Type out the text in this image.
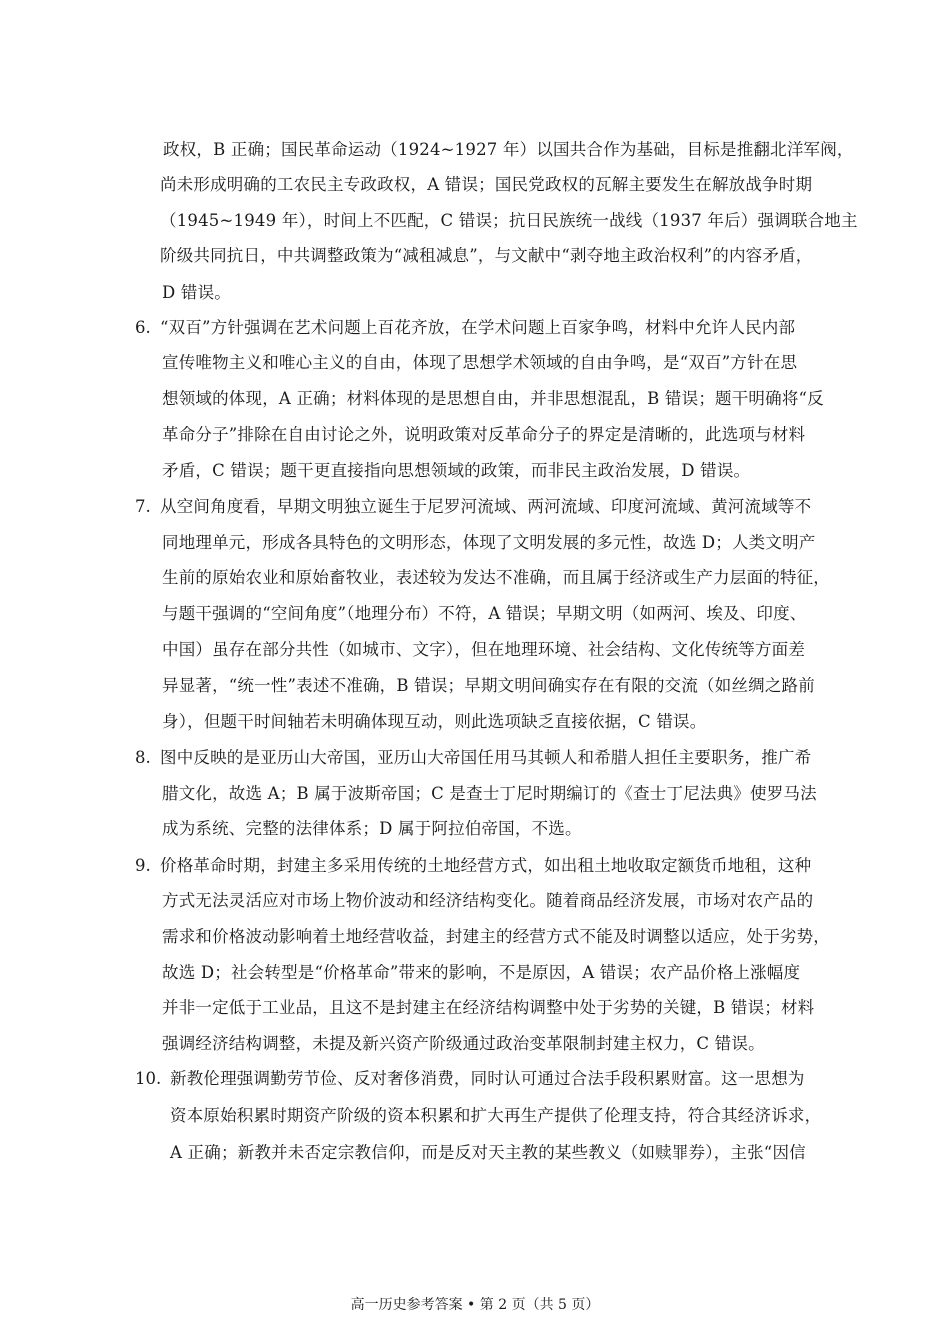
政权，B 正确；国民革命运动（1924~1927 年）以国共合作为基础，目标是推翻北洋军阀，
尚未形成明确的工农民主专政政权，A 错误；国民党政权的瓦解主要发生在解放战争时期
（1945~1949 年），时间上不匹配，C 错误；抗日民族统一战线（1937 年后）强调联合地主
阶级共同抗日，中共调整政策为“减租减息”，与文献中“剥夺地主政治权利”的内容矛盾，
D 错误。
6. “双百”方针强调在艺术问题上百花齐放，在学术问题上百家争鸣，材料中允许人民内部
宣传唯物主义和唯心主义的自由，体现了思想学术领域的自由争鸣，是“双百”方针在思
想领域的体现，A 正确；材料体现的是思想自由，并非思想混乱，B 错误；题干明确将“反
革命分子”排除在自由讨论之外，说明政策对反革命分子的界定是清晰的，此选项与材料
矛盾，C 错误；题干更直接指向思想领域的政策，而非民主政治发展，D 错误。
7. 从空间角度看，早期文明独立诞生于尼罗河流域、两河流域、印度河流域、黄河流域等不
同地理单元，形成各具特色的文明形态，体现了文明发展的多元性，故选 D；人类文明产
生前的原始农业和原始畜牧业，表述较为发达不准确，而且属于经济或生产力层面的特征，
与题干强调的“空间角度”（地理分布）不符，A 错误；早期文明（如两河、埃及、印度、
中国）虽存在部分共性（如城市、文字），但在地理环境、社会结构、文化传统等方面差
异显著，“统一性”表述不准确，B 错误；早期文明间确实存在有限的交流（如丝绸之路前
身），但题干时间轴若未明确体现互动，则此选项缺乏直接依据，C 错误。
8. 图中反映的是亚历山大帝国，亚历山大帝国任用马其顿人和希腊人担任主要职务，推广希
腊文化，故选 A；B 属于波斯帝国；C 是查士丁尼时期编订的《查士丁尼法典》使罗马法
成为系统、完整的法律体系；D 属于阿拉伯帝国，不选。
9. 价格革命时期，封建主多采用传统的土地经营方式，如出租土地收取定额货币地租，这种
方式无法灵活应对市场上物价波动和经济结构变化。随着商品经济发展，市场对农产品的
需求和价格波动影响着土地经营收益，封建主的经营方式不能及时调整以适应，处于劣势，
故选 D；社会转型是“价格革命”带来的影响，不是原因，A 错误；农产品价格上涨幅度
并非一定低于工业品，且这不是封建主在经济结构调整中处于劣势的关键，B 错误；材料
强调经济结构调整，未提及新兴资产阶级通过政治变革限制封建主权力，C 错误。
10. 新教伦理强调勤劳节俭、反对奢侈消费，同时认可通过合法手段积累财富。这一思想为
资本原始积累时期资产阶级的资本积累和扩大再生产提供了伦理支持，符合其经济诉求，
A 正确；新教并未否定宗教信仰，而是反对天主教的某些教义（如赎罪券），主张“因信
高一历史参考答案 • 第 2 页（共 5 页）
